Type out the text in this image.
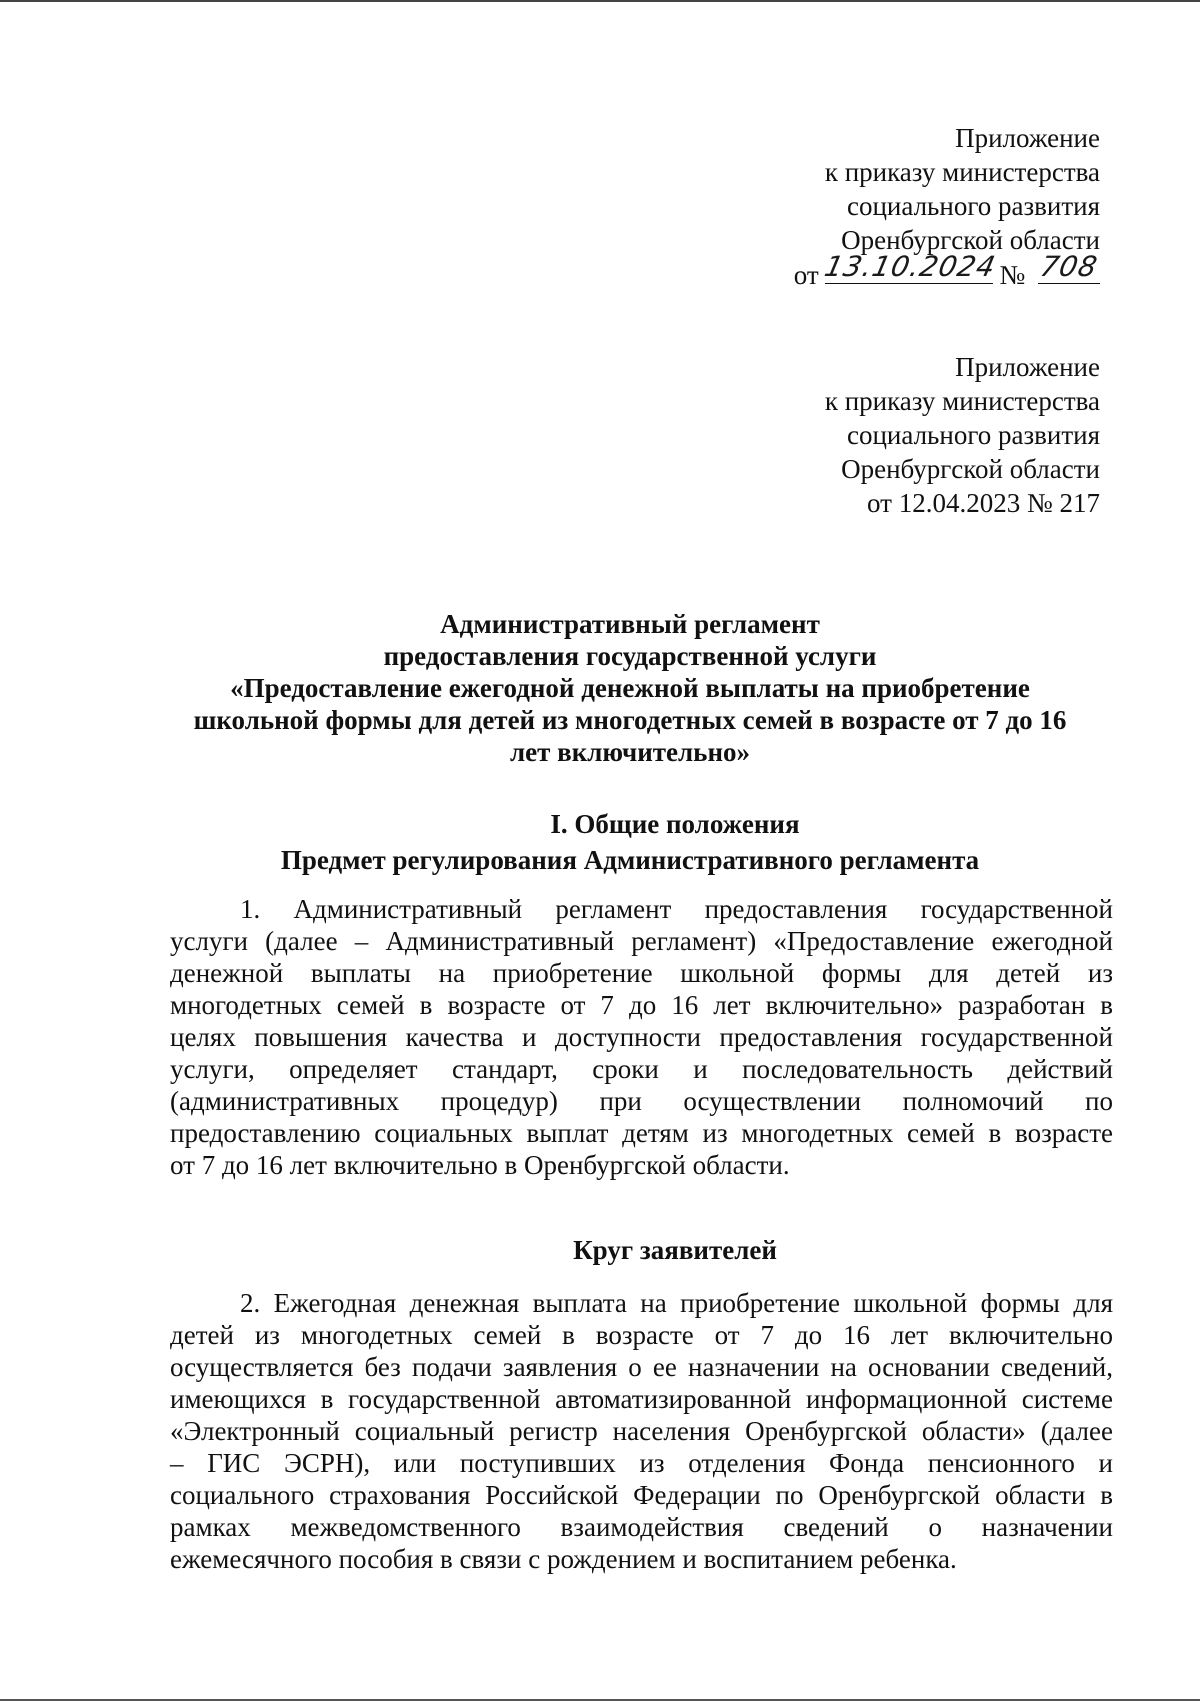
Приложение
к приказу министерства
социального развития
Оренбургской области
от 13.10.2024 № 708
Приложение
к приказу министерства
социального развития
Оренбургской области
от 12.04.2023 № 217
Административный регламент
предоставления государственной услуги
«Предоставление ежегодной денежной выплаты на приобретение
школьной формы для детей из многодетных семей в возрасте от 7 до 16
лет включительно»
I. Общие положения
Предмет регулирования Административного регламента
1. Административный регламент предоставления государственной
услуги (далее – Административный регламент) «Предоставление ежегодной
денежной выплаты на приобретение школьной формы для детей из
многодетных семей в возрасте от 7 до 16 лет включительно» разработан в
целях повышения качества и доступности предоставления государственной
услуги, определяет стандарт, сроки и последовательность действий
(административных процедур) при осуществлении полномочий по
предоставлению социальных выплат детям из многодетных семей в возрасте
от 7 до 16 лет включительно в Оренбургской области.
Круг заявителей
2. Ежегодная денежная выплата на приобретение школьной формы для
детей из многодетных семей в возрасте от 7 до 16 лет включительно
осуществляется без подачи заявления о ее назначении на основании сведений,
имеющихся в государственной автоматизированной информационной системе
«Электронный социальный регистр населения Оренбургской области» (далее
– ГИС ЭСРН), или поступивших из отделения Фонда пенсионного и
социального страхования Российской Федерации по Оренбургской области в
рамках межведомственного взаимодействия сведений о назначении
ежемесячного пособия в связи с рождением и воспитанием ребенка.
